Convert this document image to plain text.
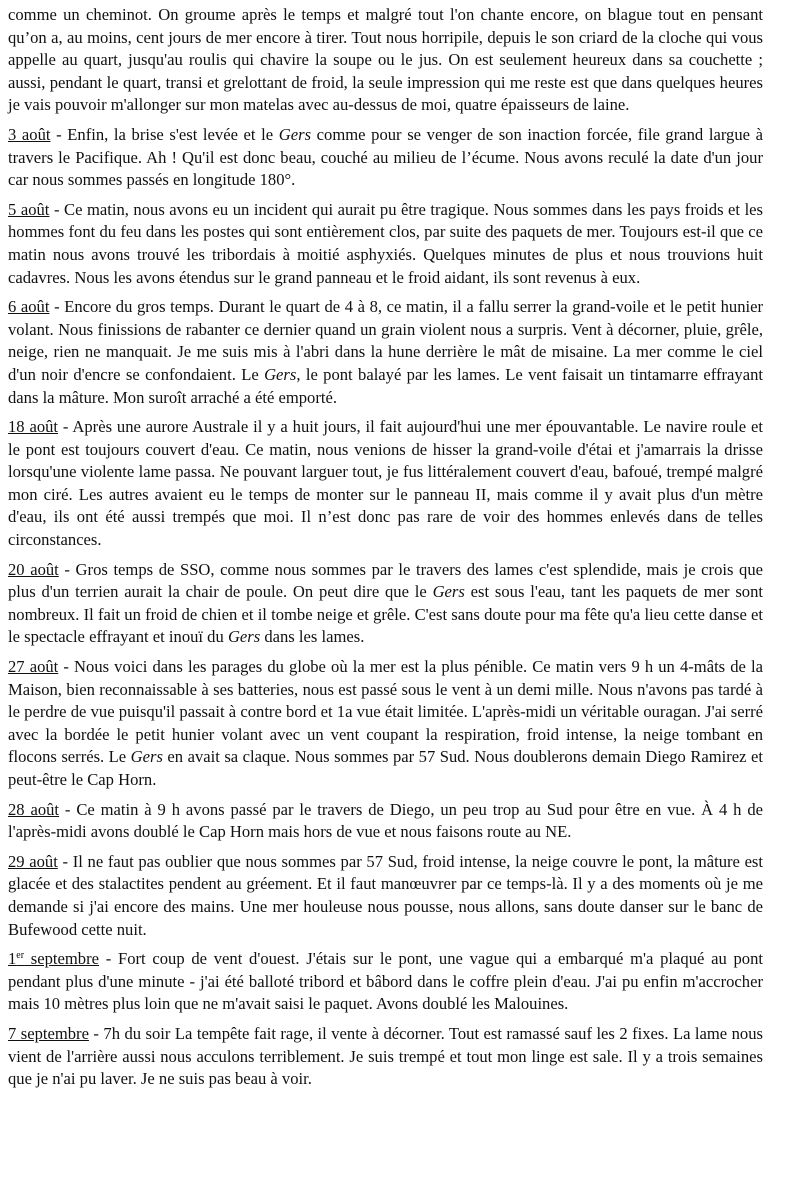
comme un cheminot. On groume après le temps et malgré tout l'on chante encore, on blague tout en pensant qu’on a, au moins, cent jours de mer encore à tirer. Tout nous horripile, depuis le son criard de la cloche qui vous appelle au quart, jusqu'au roulis qui chavire la soupe ou le jus. On est seulement heureux dans sa couchette ; aussi, pendant le quart, transi et grelottant de froid, la seule impression qui me reste est que dans quelques heures je vais pouvoir m'allonger sur mon matelas avec au-dessus de moi, quatre épaisseurs de laine.

3 août - Enfin, la brise s'est levée et le Gers comme pour se venger de son inaction forcée, file grand largue à travers le Pacifique. Ah ! Qu'il est donc beau, couché au milieu de l’écume. Nous avons reculé la date d'un jour car nous sommes passés en longitude 180°.

5 août - Ce matin, nous avons eu un incident qui aurait pu être tragique. Nous sommes dans les pays froids et les hommes font du feu dans les postes qui sont entièrement clos, par suite des paquets de mer. Toujours est-il que ce matin nous avons trouvé les tribordais à moitié asphyxiés. Quelques minutes de plus et nous trouvions huit cadavres. Nous les avons étendus sur le grand panneau et le froid aidant, ils sont revenus à eux.

6 août - Encore du gros temps. Durant le quart de 4 à 8, ce matin, il a fallu serrer la grand-voile et le petit hunier volant. Nous finissions de rabanter ce dernier quand un grain violent nous a surpris. Vent à décorner, pluie, grêle, neige, rien ne manquait. Je me suis mis à l'abri dans la hune derrière le mât de misaine. La mer comme le ciel d'un noir d'encre se confondaient. Le Gers, le pont balayé par les lames. Le vent faisait un tintamarre effrayant dans la mâture. Mon suroît arraché a été emporté.

18 août - Après une aurore Australe il y a huit jours, il fait aujourd'hui une mer épouvantable. Le navire roule et le pont est toujours couvert d'eau. Ce matin, nous venions de hisser la grand-voile d'étai et j'amarrais la drisse lorsqu'une violente lame passa. Ne pouvant larguer tout, je fus littéralement couvert d'eau, bafoué, trempé malgré mon ciré. Les autres avaient eu le temps de monter sur le panneau II, mais comme il y avait plus d'un mètre d'eau, ils ont été aussi trempés que moi. Il n’est donc pas rare de voir des hommes enlevés dans de telles circonstances.

20 août - Gros temps de SSO, comme nous sommes par le travers des lames c'est splendide, mais je crois que plus d'un terrien aurait la chair de poule. On peut dire que le Gers est sous l'eau, tant les paquets de mer sont nombreux. Il fait un froid de chien et il tombe neige et grêle. C'est sans doute pour ma fête qu'a lieu cette danse et le spectacle effrayant et inouï du Gers dans les lames.

27 août - Nous voici dans les parages du globe où la mer est la plus pénible. Ce matin vers 9 h un 4-mâts de la Maison, bien reconnaissable à ses batteries, nous est passé sous le vent à un demi mille. Nous n'avons pas tardé à le perdre de vue puisqu'il passait à contre bord et 1a vue était limitée. L'après-midi un véritable ouragan. J'ai serré avec la bordée le petit hunier volant avec un vent coupant la respiration, froid intense, la neige tombant en flocons serrés. Le Gers en avait sa claque. Nous sommes par 57 Sud. Nous doublerons demain Diego Ramirez et peut-être le Cap Horn.

28 août - Ce matin à 9 h avons passé par le travers de Diego, un peu trop au Sud pour être en vue. À 4 h de l'après-midi avons doublé le Cap Horn mais hors de vue et nous faisons route au NE.

29 août - Il ne faut pas oublier que nous sommes par 57 Sud, froid intense, la neige couvre le pont, la mâture est glacée et des stalactites pendent au gréement. Et il faut manœuvrer par ce temps-là. Il y a des moments où je me demande si j'ai encore des mains. Une mer houleuse nous pousse, nous allons, sans doute danser sur le banc de Bufewood cette nuit.

1er septembre - Fort coup de vent d'ouest. J'étais sur le pont, une vague qui a embarqué m'a plaqué au pont pendant plus d'une minute - j'ai été balloté tribord et bâbord dans le coffre plein d'eau. J'ai pu enfin m'accrocher mais 10 mètres plus loin que ne m'avait saisi le paquet. Avons doublé les Malouines.

7 septembre - 7h du soir La tempête fait rage, il vente à décorner. Tout est ramassé sauf les 2 fixes. La lame nous vient de l'arrière aussi nous acculons terriblement. Je suis trempé et tout mon linge est sale. Il y a trois semaines que je n'ai pu laver. Je ne suis pas beau à voir.
